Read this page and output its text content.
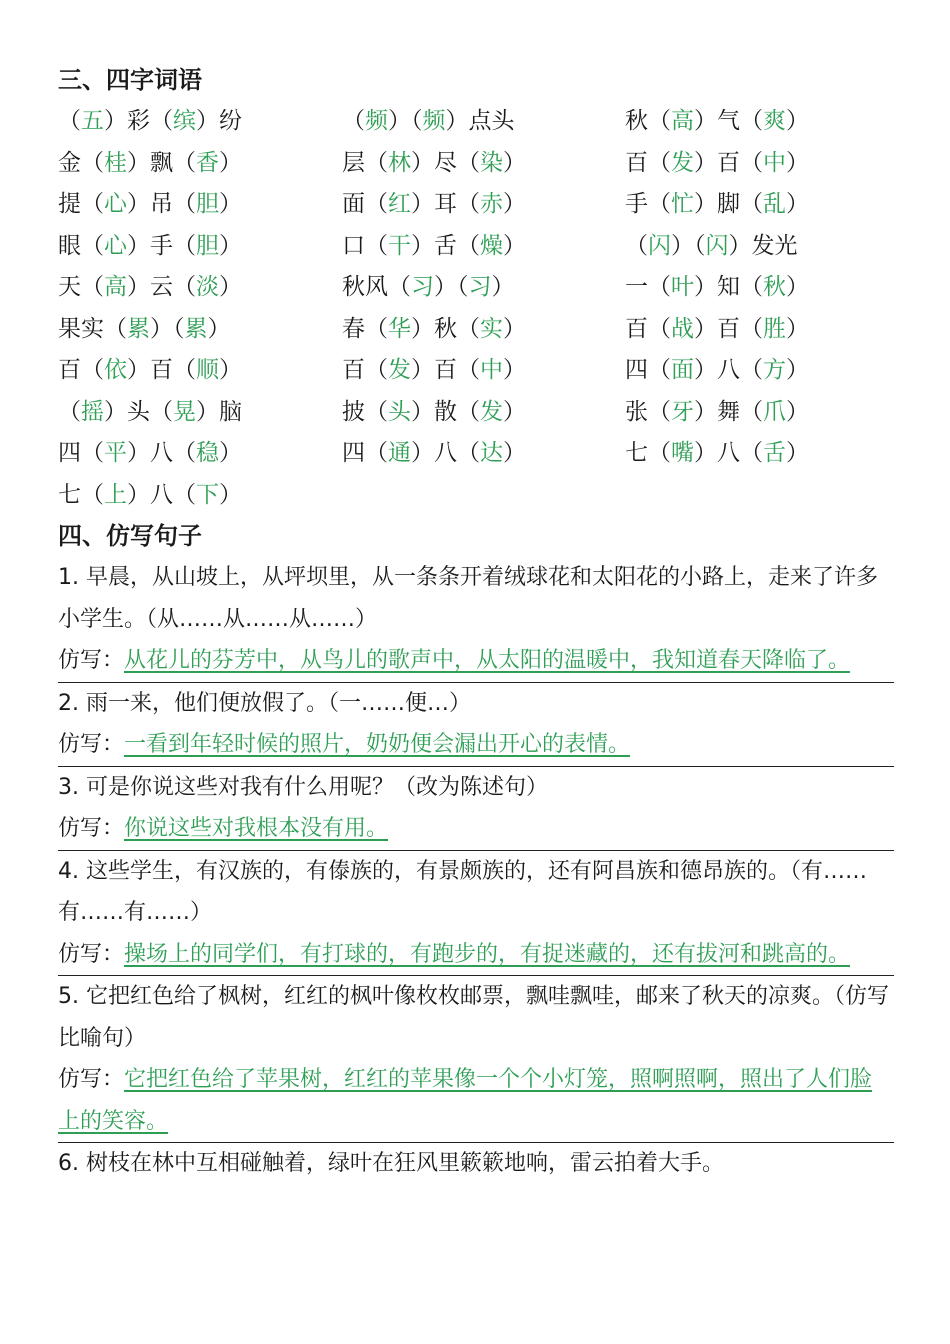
三、四字词语

（五）彩（缤）纷	（频）（频）点头	秋（高）气（爽）
金（桂）飘（香）	层（林）尽（染）	百（发）百（中）
提（心）吊（胆）	面（红）耳（赤）	手（忙）脚（乱）
眼（心）手（胆）	口（干）舌（燥）	（闪）（闪）发光
天（高）云（淡）	秋风（习）（习）	一（叶）知（秋）
果实（累）（累）	春（华）秋（实）	百（战）百（胜）
百（依）百（顺）	百（发）百（中）	四（面）八（方）
（摇）头（晃）脑	披（头）散（发）	张（牙）舞（爪）
四（平）八（稳）	四（通）八（达）	七（嘴）八（舌）
七（上）八（下）

四、仿写句子

1. 早晨，从山坡上，从坪坝里，从一条条开着绒球花和太阳花的小路上，走来了许多小学生。（从……从……从……）

仿写：从花儿的芬芳中，从鸟儿的歌声中，从太阳的温暖中，我知道春天降临了。

2. 雨一来，他们便放假了。（一……便…）

仿写：一看到年轻时候的照片，奶奶便会漏出开心的表情。

3. 可是你说这些对我有什么用呢？（改为陈述句）

仿写：你说这些对我根本没有用。

4. 这些学生，有汉族的，有傣族的，有景颇族的，还有阿昌族和德昂族的。（有……有……有……）

仿写：操场上的同学们，有打球的，有跑步的，有捉迷藏的，还有拔河和跳高的。

5. 它把红色给了枫树，红红的枫叶像枚枚邮票，飘哇飘哇，邮来了秋天的凉爽。（仿写比喻句）

仿写：它把红色给了苹果树，红红的苹果像一个个小灯笼，照啊照啊，照出了人们脸上的笑容。

6. 树枝在林中互相碰触着，绿叶在狂风里簌簌地响，雷云拍着大手。
